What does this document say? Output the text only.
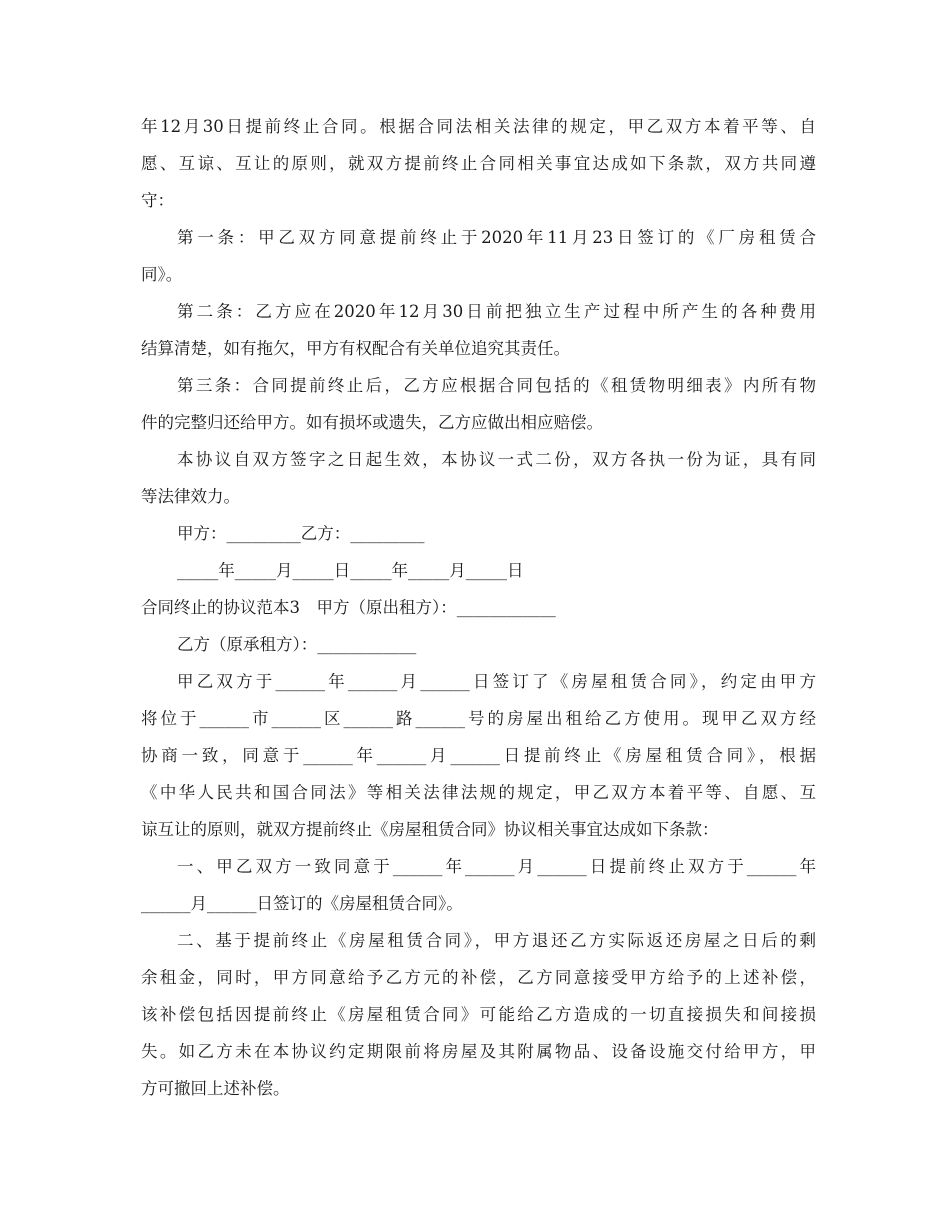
年12月30日提前终止合同。根据合同法相关法律的规定，甲乙双方本着平等、自
愿、互谅、互让的原则，就双方提前终止合同相关事宜达成如下条款，双方共同遵
守：
第一条：甲乙双方同意提前终止于2020年11月23日签订的《厂房租赁合
同》。
第二条：乙方应在2020年12月30日前把独立生产过程中所产生的各种费用
结算清楚，如有拖欠，甲方有权配合有关单位追究其责任。
第三条：合同提前终止后，乙方应根据合同包括的《租赁物明细表》内所有物
件的完整归还给甲方。如有损坏或遗失，乙方应做出相应赔偿。
本协议自双方签字之日起生效，本协议一式二份，双方各执一份为证，具有同
等法律效力。
甲方：_________乙方：_________
_____年_____月_____日_____年_____月_____日
合同终止的协议范本3　甲方（原出租方）：____________
乙方（原承租方）：____________
甲乙双方于______年______月______日签订了《房屋租赁合同》，约定由甲方
将位于______市______区______路______号的房屋出租给乙方使用。现甲乙双方经
协商一致，同意于______年______月______日提前终止《房屋租赁合同》，根据
《中华人民共和国合同法》等相关法律法规的规定，甲乙双方本着平等、自愿、互
谅互让的原则，就双方提前终止《房屋租赁合同》协议相关事宜达成如下条款：
一、甲乙双方一致同意于______年______月______日提前终止双方于______年
______月______日签订的《房屋租赁合同》。
二、基于提前终止《房屋租赁合同》，甲方退还乙方实际返还房屋之日后的剩
余租金，同时，甲方同意给予乙方元的补偿，乙方同意接受甲方给予的上述补偿，
该补偿包括因提前终止《房屋租赁合同》可能给乙方造成的一切直接损失和间接损
失。如乙方未在本协议约定期限前将房屋及其附属物品、设备设施交付给甲方，甲
方可撤回上述补偿。
